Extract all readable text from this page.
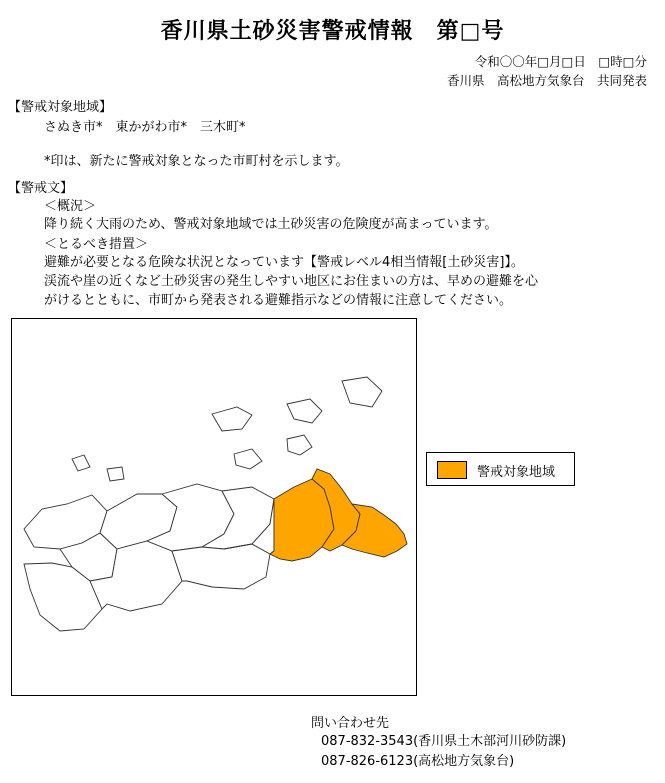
香川県土砂災害警戒情報　第□号
令和〇〇年□月□日　□時□分
香川県　高松地方気象台　共同発表
【警戒対象地域】
さぬき市*　東かがわ市*　三木町*
*印は、新たに警戒対象となった市町村を示します。
【警戒文】
＜概況＞
降り続く大雨のため、警戒対象地域では土砂災害の危険度が高まっています。
＜とるべき措置＞
避難が必要となる危険な状況となっています【警戒レベル4相当情報[土砂災害]】。
渓流や崖の近くなど土砂災害の発生しやすい地区にお住まいの方は、早めの避難を心
がけるとともに、市町から発表される避難指示などの情報に注意してください。
警戒対象地域
問い合わせ先
087-832-3543(香川県土木部河川砂防課)
087-826-6123(高松地方気象台)
